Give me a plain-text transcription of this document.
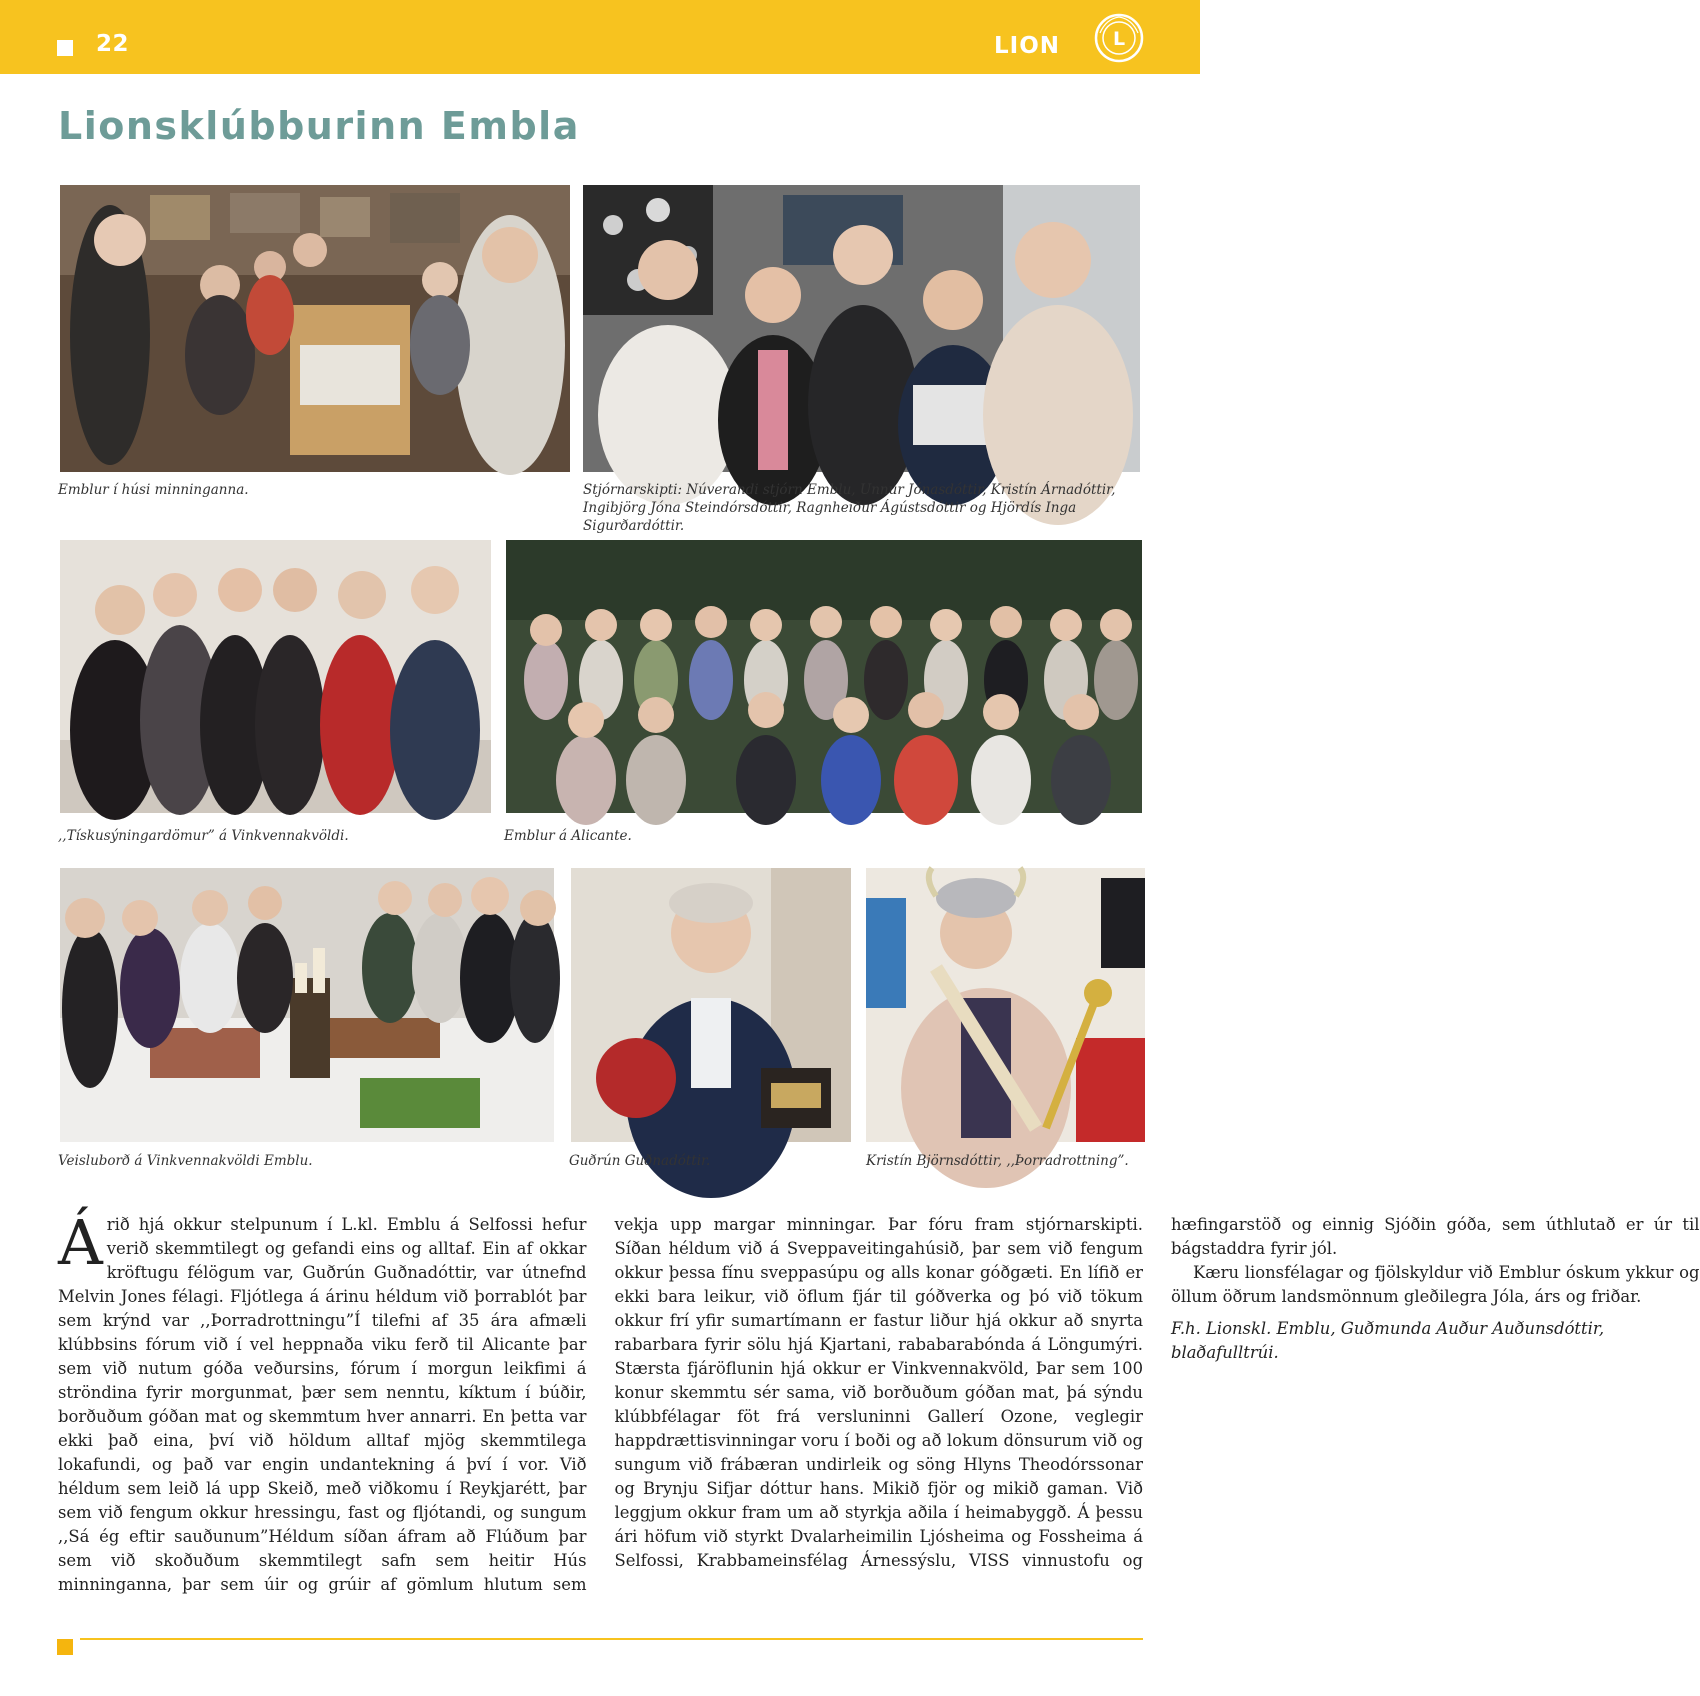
22	LION	L
Lionsklúbburinn Embla
Emblur í húsi minninganna.	Stjórnarskipti: Núverandi stjórn Emblu, Unnur Jónasdóttir, Kristín Árnadóttir, Ingibjörg Jóna Steindórsdóttir, Ragnheiður Ágústsdóttir og Hjördís Inga Sigurðardóttir.
,,Tískusýningardömur” á Vinkvennakvöldi.	Emblur á Alicante.
Veisluborð á Vinkvennakvöldi Emblu.	Guðrún Guðnadóttir.	Kristín Björnsdóttir, ,,Þorradrottning”.

Árið hjá okkur stelpunum í L.kl. Emblu á Selfossi hefur verið skemmtilegt og gefandi eins og alltaf. Ein af okkar kröftugu félögum var, Guðrún Guðnadóttir, var útnefnd Melvin Jones félagi. Fljótlega á árinu héldum við þorrablót þar sem krýnd var ,,Þorradrottningu”Í tilefni af 35 ára afmæli klúbbsins fórum við í vel heppnaða viku ferð til Alicante þar sem við nutum góða veðursins, fórum í morgun leikfimi á ströndina fyrir morgunmat, þær sem nenntu, kíktum í búðir, borðuðum góðan mat og skemmtum hver annarri. En þetta var ekki það eina, því við höldum alltaf mjög skemmtilega lokafundi, og það var engin undantekning á því í vor. Við héldum sem leið lá upp Skeið, með viðkomu í Reykjarétt, þar sem við fengum okkur hressingu, fast og fljótandi, og sungum ,,Sá ég eftir sauðunum”Héldum síðan áfram að Flúðum þar sem við skoðuðum skemmtilegt safn sem heitir Hús minninganna, þar sem úir og grúir af gömlum hlutum sem vekja upp margar minningar. Þar fóru fram stjórnarskipti. Síðan héldum við á Sveppaveitingahúsið, þar sem við fengum okkur þessa fínu sveppasúpu og alls konar góðgæti. En lífið er ekki bara leikur, við öflum fjár til góðverka og þó við tökum okkur frí yfir sumartímann er fastur liður hjá okkur að snyrta rabarbara fyrir sölu hjá Kjartani, rababarabónda á Löngumýri. Stærsta fjáröflunin hjá okkur er Vinkvennakvöld, Þar sem 100 konur skemmtu sér sama, við borðuðum góðan mat, þá sýndu klúbbfélagar föt frá versluninni Gallerí Ozone, veglegir happdrættisvinningar voru í boði og að lokum dönsurum við og sungum við frábæran undirleik og söng Hlyns Theodórssonar og Brynju Sifjar dóttur hans. Mikið fjör og mikið gaman. Við leggjum okkur fram um að styrkja aðila í heimabyggð. Á þessu ári höfum við styrkt Dvalarheimilin Ljósheima og Fossheima á Selfossi, Krabbameinsfélag Árnessýslu, VISS vinnustofu og hæfingarstöð og einnig Sjóðin góða, sem úthlutað er úr til bágstaddra fyrir jól.

Kæru lionsfélagar og fjölskyldur við Emblur óskum ykkur og öllum öðrum landsmönnum gleðilegra Jóla, árs og friðar.

F.h. Lionskl. Emblu, Guðmunda Auður Auðunsdóttir, blaðafulltrúi.
